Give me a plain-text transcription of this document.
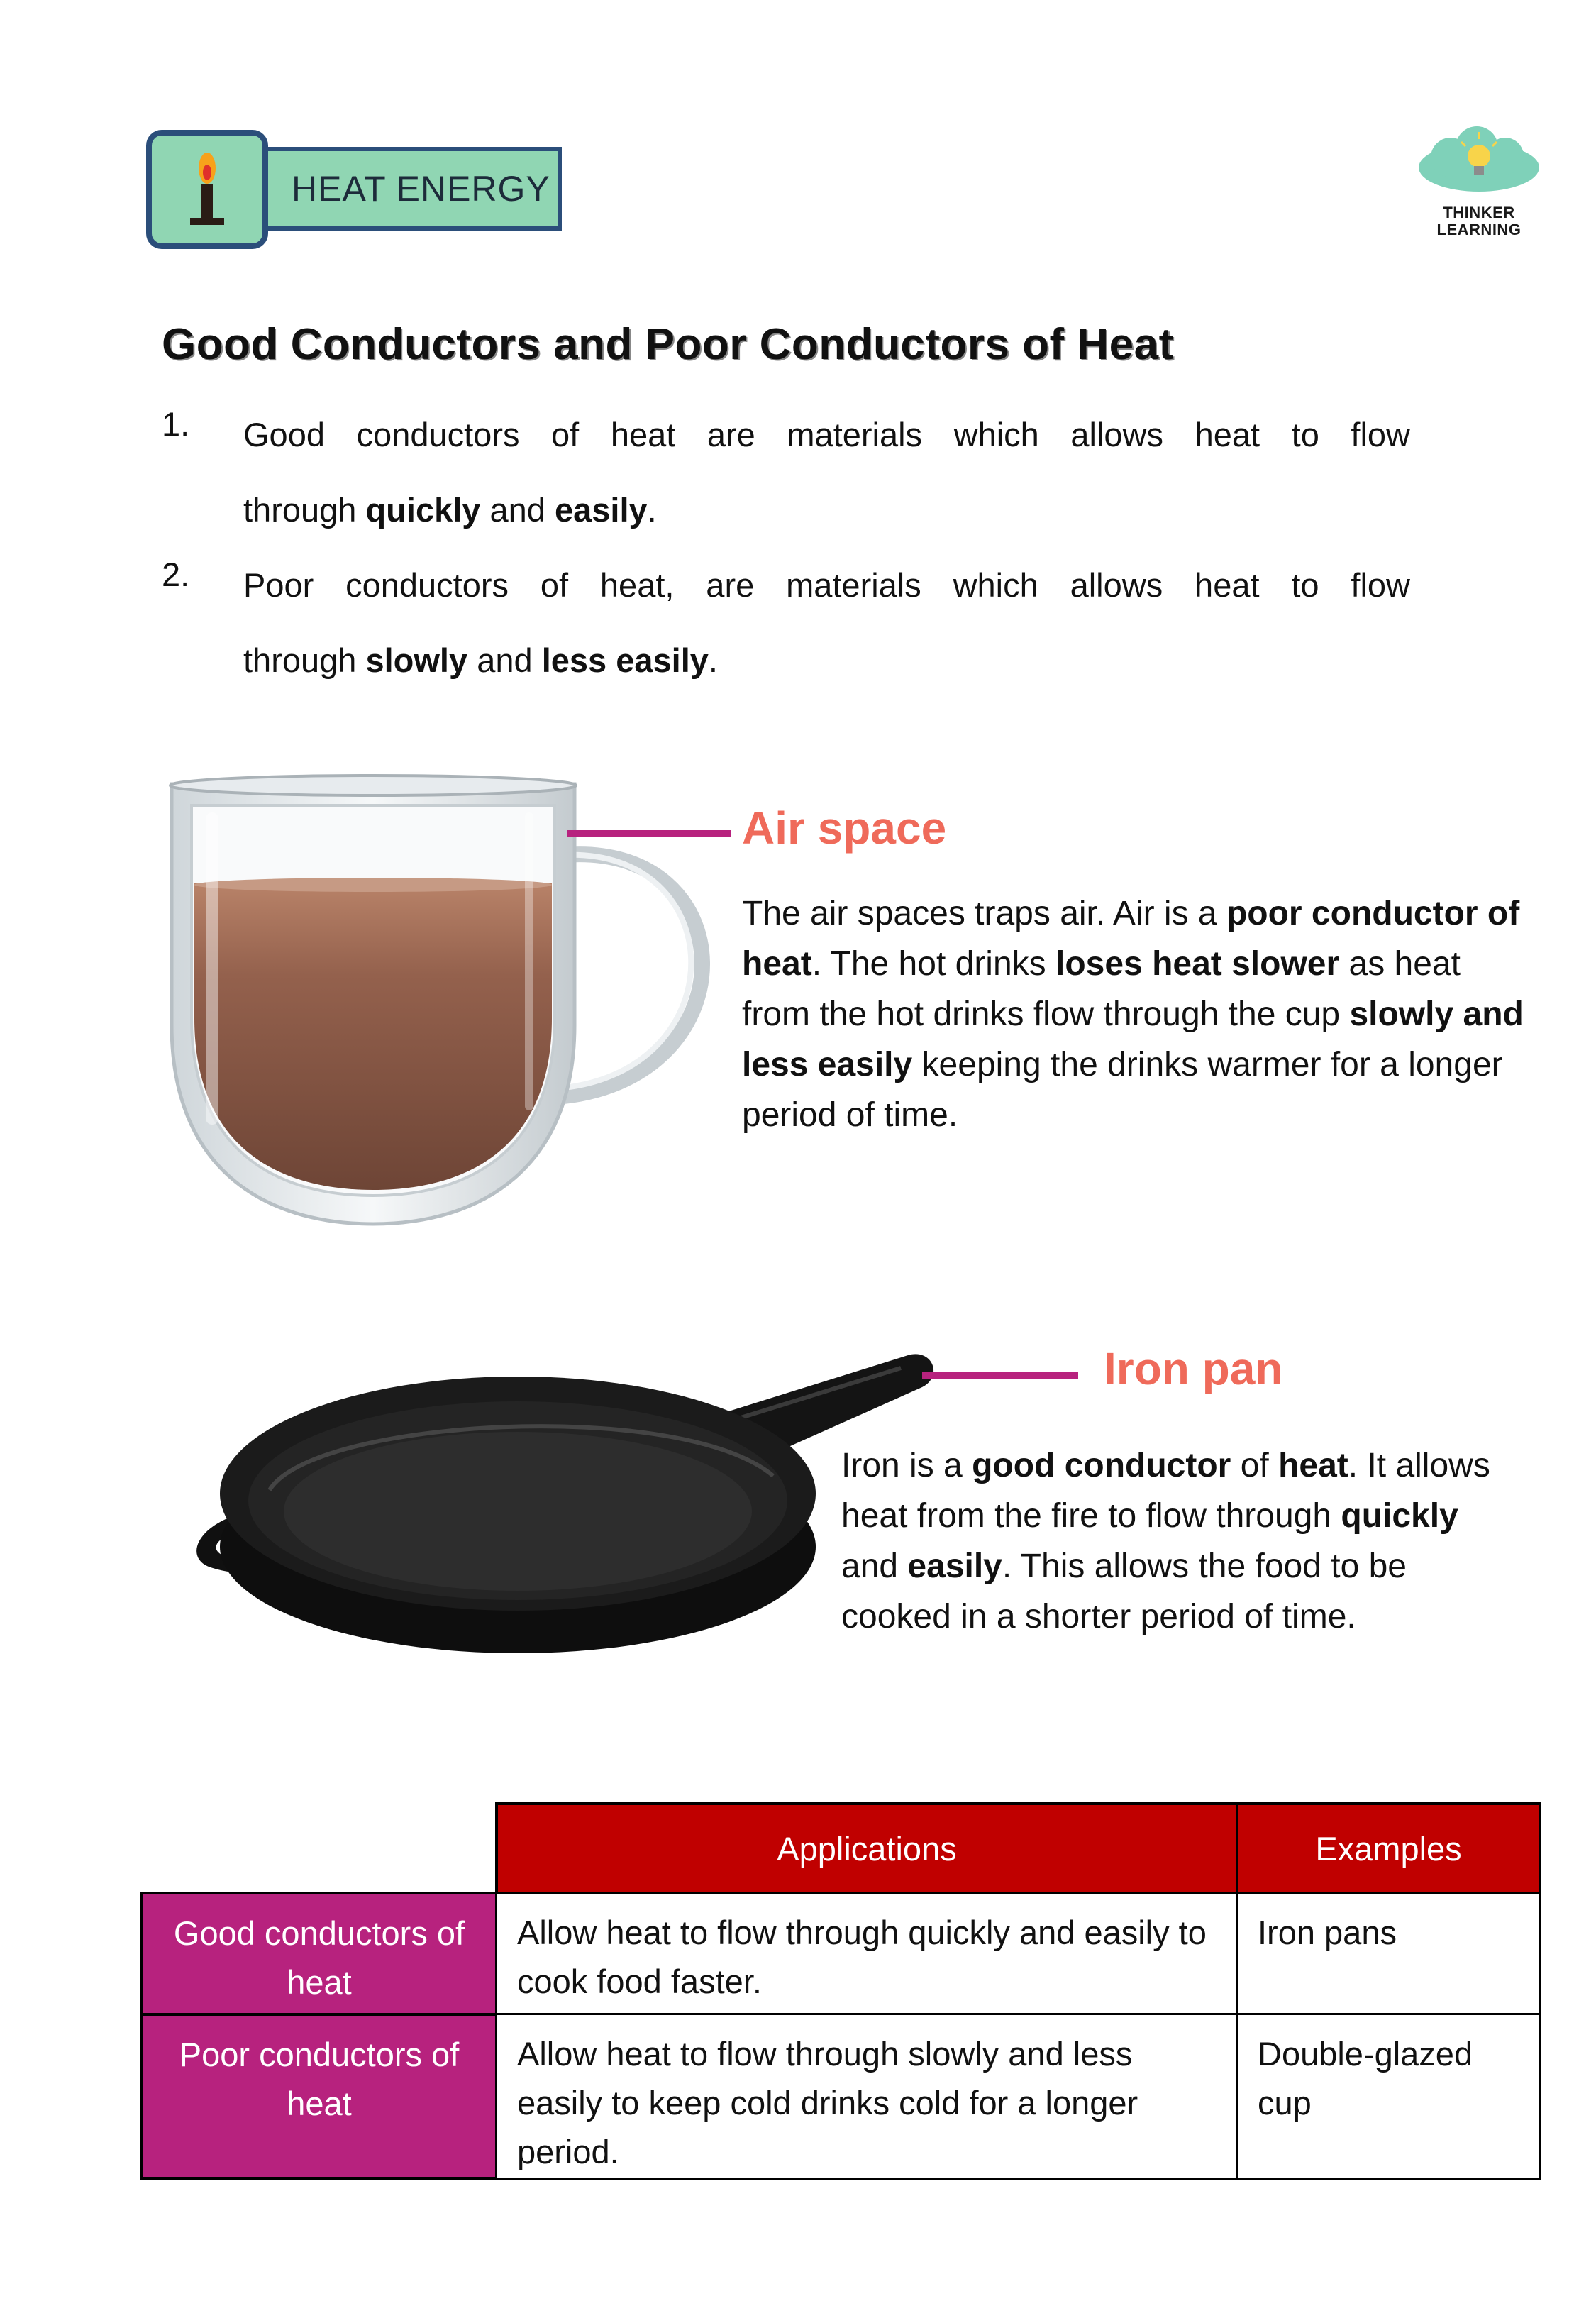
HEAT ENERGY
THINKER
LEARNING
Good Conductors and Poor Conductors of Heat
1. Good conductors of heat are materials which allows heat to flow
through quickly and easily.
2. Poor conductors of heat, are materials which allows heat to flow
through slowly and less easily.
Air space
The air spaces traps air. Air is a poor conductor of heat. The hot drinks loses heat slower as heat from the hot drinks flow through the cup slowly and less easily keeping the drinks warmer for a longer period of time.
Iron pan
Iron is a good conductor of heat. It allows heat from the fire to flow through quickly and easily. This allows the food to be cooked in a shorter period of time.
Applications	Examples
Good conductors of heat
Allow heat to flow through quickly and easily to cook food faster.
Iron pans
Poor conductors of heat
Allow heat to flow through slowly and less easily to keep cold drinks cold for a longer period.
Double-glazed cup
